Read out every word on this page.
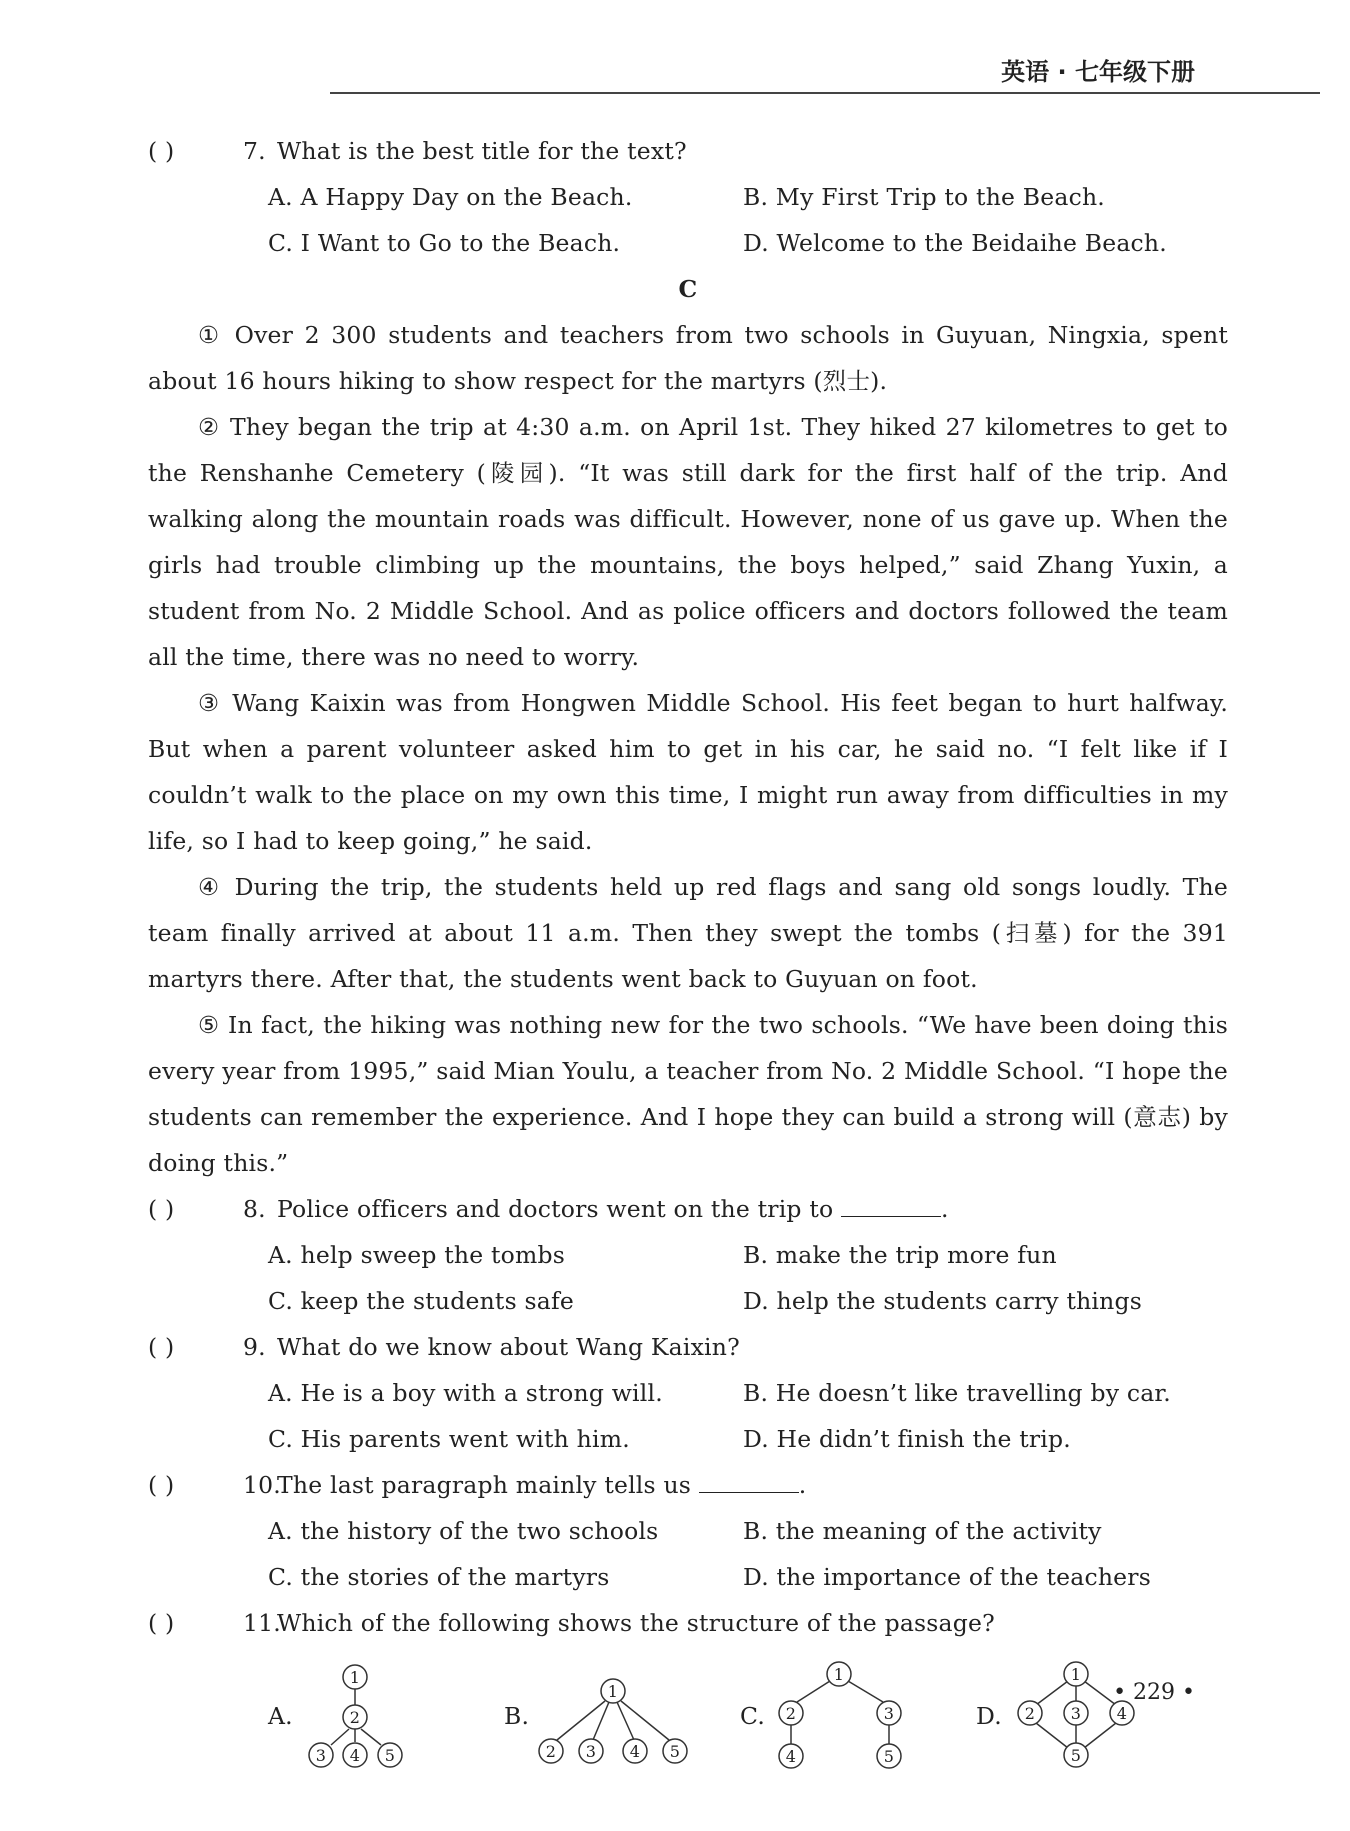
英语 · 七年级下册
( )	7. What is the best title for the text?
A. A Happy Day on the Beach.	B. My First Trip to the Beach.
C. I Want to Go to the Beach.	D. Welcome to the Beidaihe Beach.
C
① Over 2 300 students and teachers from two schools in Guyuan, Ningxia, spent about 16 hours hiking to show respect for the martyrs (烈士).
② They began the trip at 4:30 a.m. on April 1st. They hiked 27 kilometres to get to the Renshanhe Cemetery (陵园). “It was still dark for the first half of the trip. And walking along the mountain roads was difficult. However, none of us gave up. When the girls had trouble climbing up the mountains, the boys helped,” said Zhang Yuxin, a student from No. 2 Middle School. And as police officers and doctors followed the team all the time, there was no need to worry.
③ Wang Kaixin was from Hongwen Middle School. His feet began to hurt halfway. But when a parent volunteer asked him to get in his car, he said no. “I felt like if I couldn’t walk to the place on my own this time, I might run away from difficulties in my life, so I had to keep going,” he said.
④ During the trip, the students held up red flags and sang old songs loudly. The team finally arrived at about 11 a.m. Then they swept the tombs (扫墓) for the 391 martyrs there. After that, the students went back to Guyuan on foot.
⑤ In fact, the hiking was nothing new for the two schools. “We have been doing this every year from 1995,” said Mian Youlu, a teacher from No. 2 Middle School. “I hope the students can remember the experience. And I hope they can build a strong will (意志) by doing this.”
( )	8. Police officers and doctors went on the trip to	.
A. help sweep the tombs	B. make the trip more fun
C. keep the students safe	D. help the students carry things
( )	9. What do we know about Wang Kaixin?
A. He is a boy with a strong will.	B. He doesn’t like travelling by car.
C. His parents went with him.	D. He didn’t finish the trip.
( )	10.
The last paragraph mainly tells us	.
A. the history of the two schools	B. the meaning of the activity
C. the stories of the martyrs	D. the importance of the teachers
( )	11.
Which of the following shows the structure of the passage?
A.
1
2
3 4 5
B.
1
2 3 4 5
C.
1
2	3
4	5
D.
1
2 3 4
5
• 229 •
